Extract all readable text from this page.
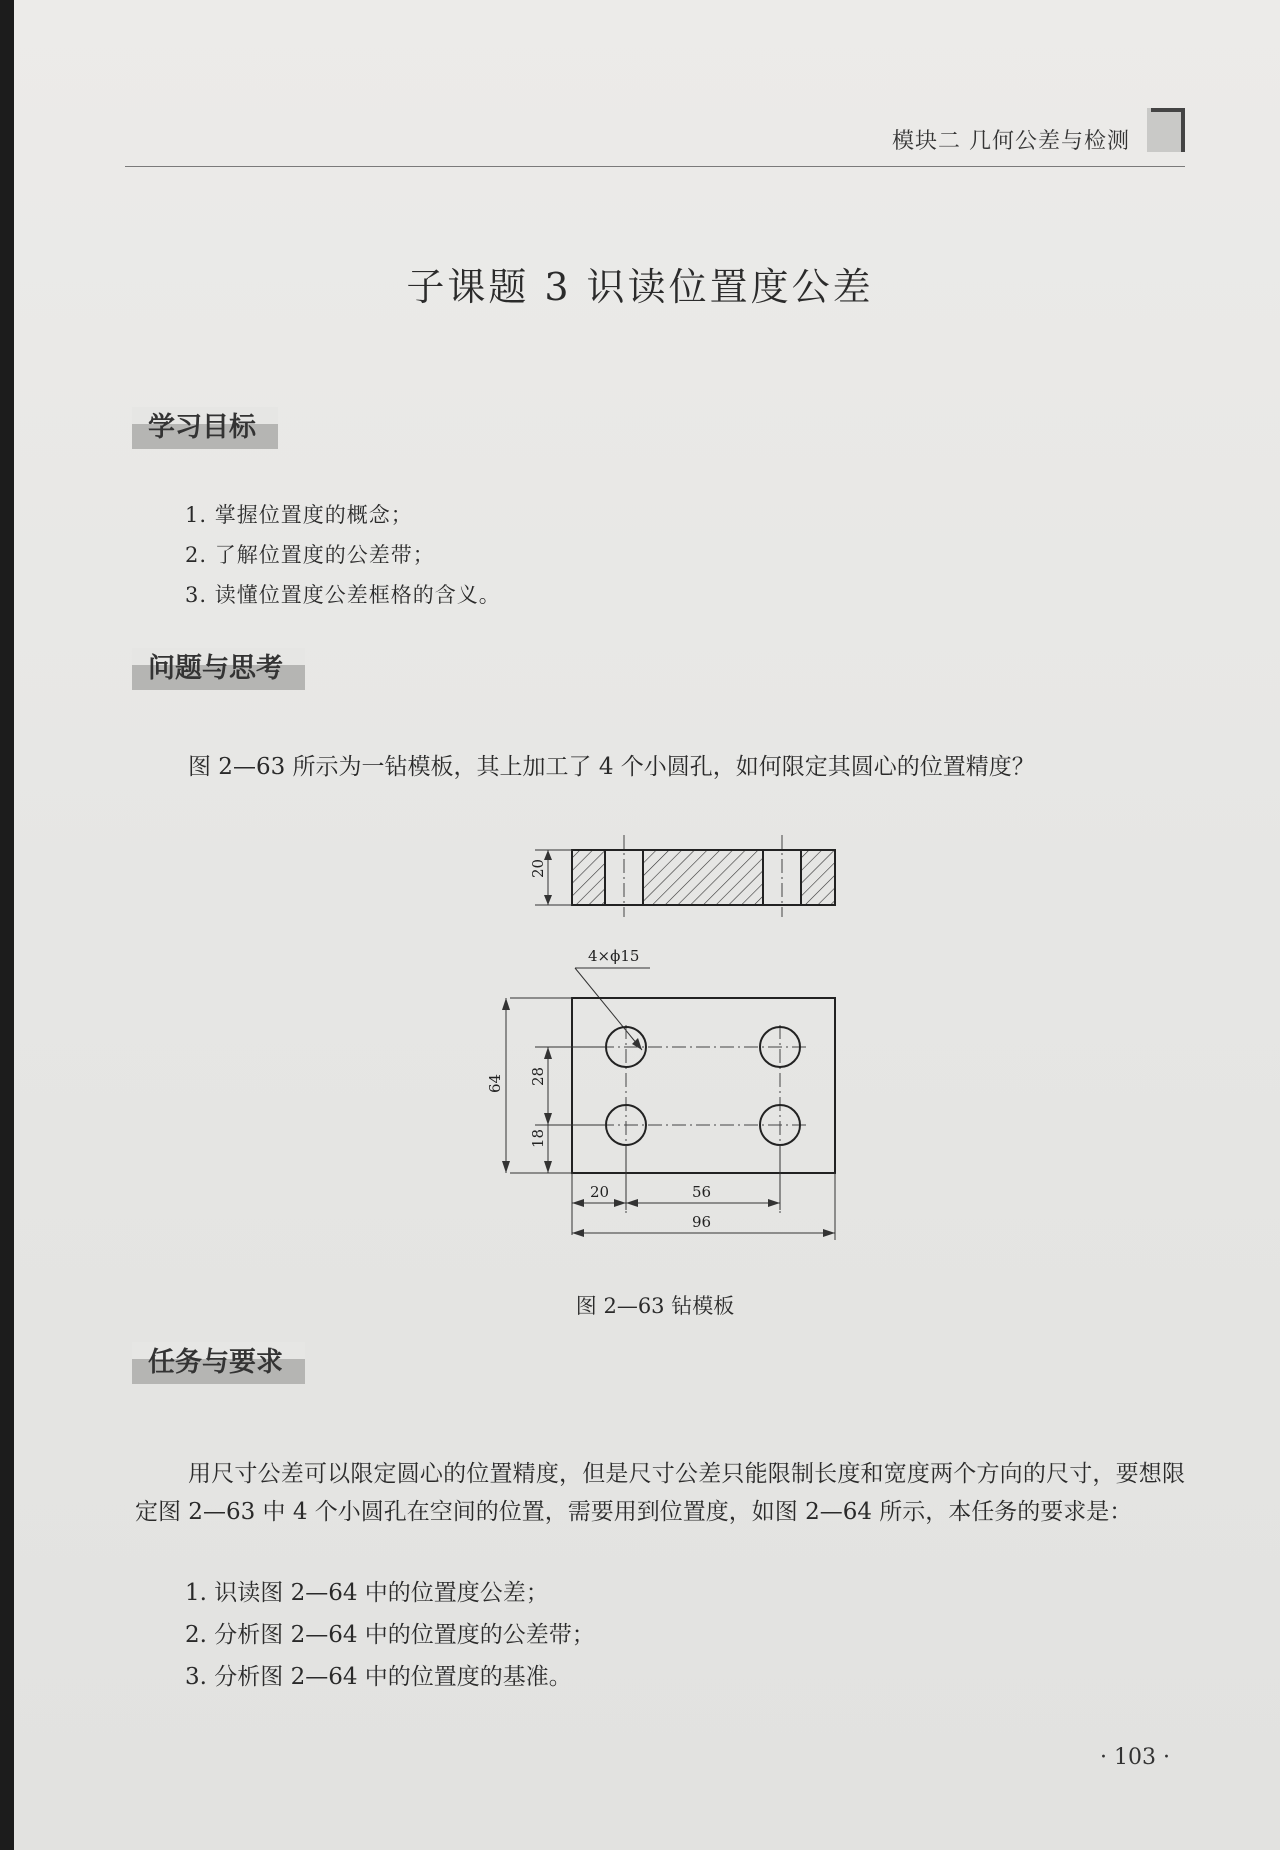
模块二 几何公差与检测
子课题 3 识读位置度公差
学习目标
1. 掌握位置度的概念；
2. 了解位置度的公差带；
3. 读懂位置度公差框格的含义。
问题与思考
图 2—63 所示为一钻模板，其上加工了 4 个小圆孔，如何限定其圆心的位置精度？
20
4×ϕ15
64 28
18
20	56
96
图 2—63 钻模板
任务与要求

用尺寸公差可以限定圆心的位置精度，但是尺寸公差只能限制长度和宽度两个方向的尺寸，要想限定图 2—63 中 4 个小圆孔在空间的位置，需要用到位置度，如图 2—64 所示，本任务的要求是：

1. 识读图 2—64 中的位置度公差；
2. 分析图 2—64 中的位置度的公差带；
3. 分析图 2—64 中的位置度的基准。
· 103 ·
